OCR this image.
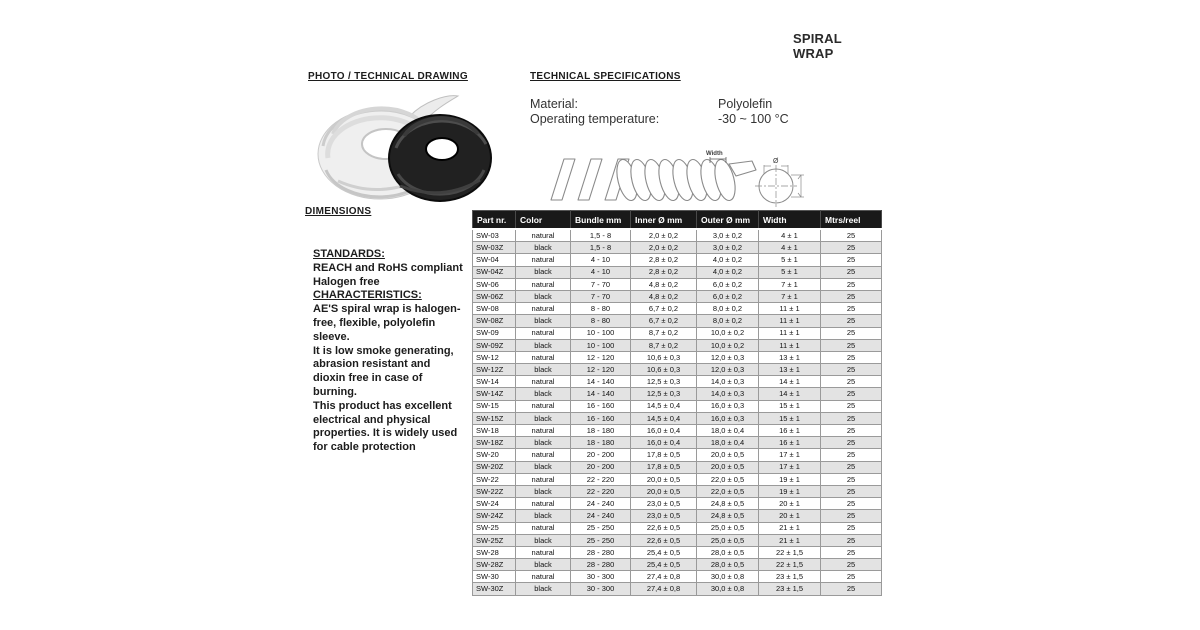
SPIRAL WRAP
PHOTO / TECHNICAL DRAWING	TECHNICAL SPECIFICATIONS
Material:	Polyolefin
Operating temperature:	-30 ~ 100 °C
Width
Ø
DIMENSIONS
STANDARDS:
REACH and RoHS compliant
Halogen free
CHARACTERISTICS:
AE'S spiral wrap is halogen-
free, flexible, polyolefin
sleeve.
It is low smoke generating,
abrasion resistant and
dioxin free in case of
burning.
This product has excellent
electrical and physical
properties. It is widely used
for cable protection
Part nr.	Color	Bundle mm	Inner Ø mm	Outer Ø mm	Width	Mtrs/reel
SW-03	natural	1,5 - 8	2,0 ± 0,2	3,0 ± 0,2	4 ± 1	25
SW-03Z	black	1,5 - 8	2,0 ± 0,2	3,0 ± 0,2	4 ± 1	25
SW-04	natural	4 - 10	2,8 ± 0,2	4,0 ± 0,2	5 ± 1	25
SW-04Z	black	4 - 10	2,8 ± 0,2	4,0 ± 0,2	5 ± 1	25
SW-06	natural	7 - 70	4,8 ± 0,2	6,0 ± 0,2	7 ± 1	25
SW-06Z	black	7 - 70	4,8 ± 0,2	6,0 ± 0,2	7 ± 1	25
SW-08	natural	8 - 80	6,7 ± 0,2	8,0 ± 0,2	11 ± 1	25
SW-08Z	black	8 - 80	6,7 ± 0,2	8,0 ± 0,2	11 ± 1	25
SW-09	natural	10 - 100	8,7 ± 0,2	10,0 ± 0,2	11 ± 1	25
SW-09Z	black	10 - 100	8,7 ± 0,2	10,0 ± 0,2	11 ± 1	25
SW-12	natural	12 - 120	10,6 ± 0,3	12,0 ± 0,3	13 ± 1	25
SW-12Z	black	12 - 120	10,6 ± 0,3	12,0 ± 0,3	13 ± 1	25
SW-14	natural	14 - 140	12,5 ± 0,3	14,0 ± 0,3	14 ± 1	25
SW-14Z	black	14 - 140	12,5 ± 0,3	14,0 ± 0,3	14 ± 1	25
SW-15	natural	16 - 160	14,5 ± 0,4	16,0 ± 0,3	15 ± 1	25
SW-15Z	black	16 - 160	14,5 ± 0,4	16,0 ± 0,3	15 ± 1	25
SW-18	natural	18 - 180	16,0 ± 0,4	18,0 ± 0,4	16 ± 1	25
SW-18Z	black	18 - 180	16,0 ± 0,4	18,0 ± 0,4	16 ± 1	25
SW-20	natural	20 - 200	17,8 ± 0,5	20,0 ± 0,5	17 ± 1	25
SW-20Z	black	20 - 200	17,8 ± 0,5	20,0 ± 0,5	17 ± 1	25
SW-22	natural	22 - 220	20,0 ± 0,5	22,0 ± 0,5	19 ± 1	25
SW-22Z	black	22 - 220	20,0 ± 0,5	22,0 ± 0,5	19 ± 1	25
SW-24	natural	24 - 240	23,0 ± 0,5	24,8 ± 0,5	20 ± 1	25
SW-24Z	black	24 - 240	23,0 ± 0,5	24,8 ± 0,5	20 ± 1	25
SW-25	natural	25 - 250	22,6 ± 0,5	25,0 ± 0,5	21 ± 1	25
SW-25Z	black	25 - 250	22,6 ± 0,5	25,0 ± 0,5	21 ± 1	25
SW-28	natural	28 - 280	25,4 ± 0,5	28,0 ± 0,5	22 ± 1,5	25
SW-28Z	black	28 - 280	25,4 ± 0,5	28,0 ± 0,5	22 ± 1,5	25
SW-30	natural	30 - 300	27,4 ± 0,8	30,0 ± 0,8	23 ± 1,5	25
SW-30Z	black	30 - 300	27,4 ± 0,8	30,0 ± 0,8	23 ± 1,5	25
